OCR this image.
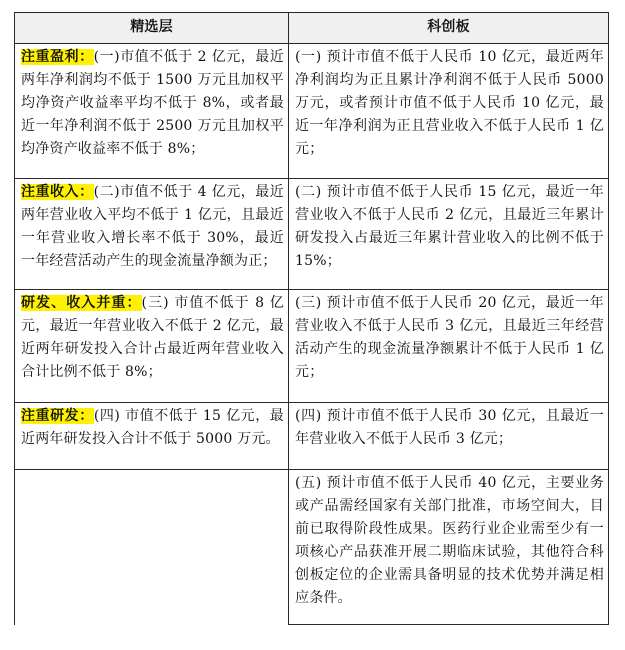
精选层	科创板
注重盈利：(一)市值不低于 2 亿元，最近两年净利润均不低于 1500 万元且加权平均净资产收益率平均不低于 8%，或者最近一年净利润不低于 2500 万元且加权平均净资产收益率不低于 8%；	(一) 预计市值不低于人民币 10 亿元，最近两年净利润均为正且累计净利润不低于人民币 5000 万元，或者预计市值不低于人民币 10 亿元，最近一年净利润为正且营业收入不低于人民币 1 亿元；
注重收入：(二)市值不低于 4 亿元，最近两年营业收入平均不低于 1 亿元，且最近一年营业收入增长率不低于 30%，最近一年经营活动产生的现金流量净额为正；	(二) 预计市值不低于人民币 15 亿元，最近一年营业收入不低于人民币 2 亿元，且最近三年累计研发投入占最近三年累计营业收入的比例不低于 15%；
研发、收入并重：(三) 市值不低于 8 亿元，最近一年营业收入不低于 2 亿元，最近两年研发投入合计占最近两年营业收入合计比例不低于 8%；	(三) 预计市值不低于人民币 20 亿元，最近一年营业收入不低于人民币 3 亿元，且最近三年经营活动产生的现金流量净额累计不低于人民币 1 亿元；
注重研发：(四) 市值不低于 15 亿元，最近两年研发投入合计不低于 5000 万元。	(四) 预计市值不低于人民币 30 亿元，且最近一年营业收入不低于人民币 3 亿元；
	(五) 预计市值不低于人民币 40 亿元，主要业务或产品需经国家有关部门批准，市场空间大，目前已取得阶段性成果。医药行业企业需至少有一项核心产品获准开展二期临床试验，其他符合科创板定位的企业需具备明显的技术优势并满足相应条件。
